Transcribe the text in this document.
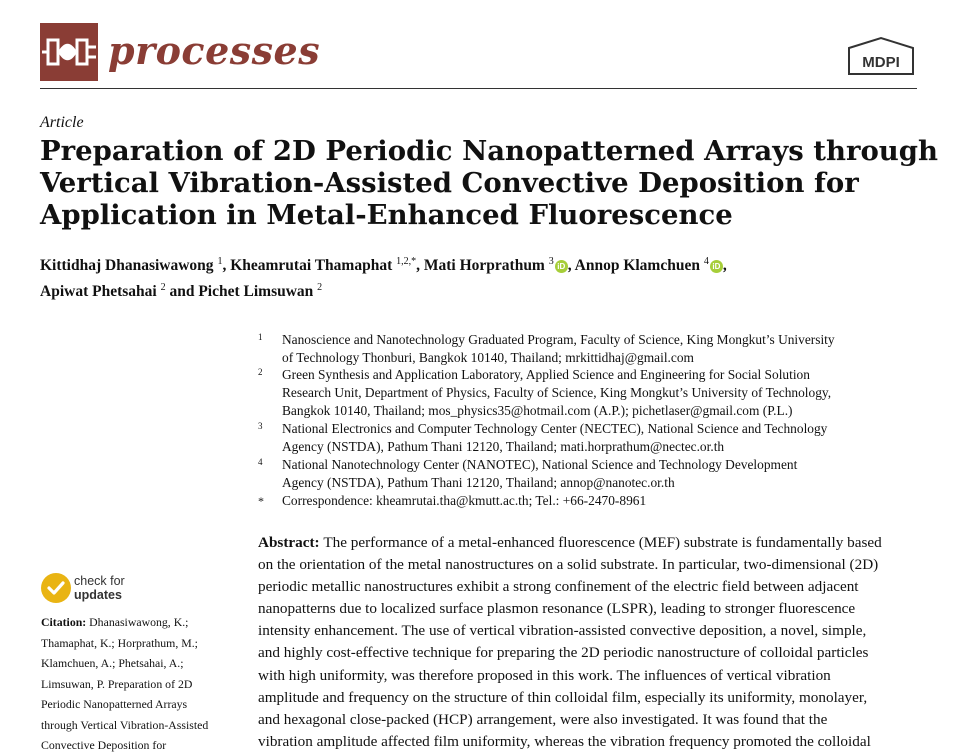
processes	MDPI
Article
Preparation of 2D Periodic Nanopatterned Arrays through
Vertical Vibration-Assisted Convective Deposition for
Application in Metal-Enhanced Fluorescence
Kittidhaj Dhanasiwawong $^1$, Kheamrutai Thamaphat $^{1,2,*}$, Mati Horprathum $^3$ iD , Annop Klamchuen $^4$ iD ,
Apiwat Phetsahai $^2$ and Pichet Limsuwan $^2$
1 Nanoscience and Nanotechnology Graduated Program, Faculty of Science, King Mongkut’s University
of Technology Thonburi, Bangkok 10140, Thailand; mrkittidhaj@gmail.com
2 Green Synthesis and Application Laboratory, Applied Science and Engineering for Social Solution
Research Unit, Department of Physics, Faculty of Science, King Mongkut’s University of Technology,
Bangkok 10140, Thailand; mos_physics35@hotmail.com (A.P.); pichetlaser@gmail.com (P.L.)
3 National Electronics and Computer Technology Center (NECTEC), National Science and Technology
Agency (NSTDA), Pathum Thani 12120, Thailand; mati.horprathum@nectec.or.th
4 National Nanotechnology Center (NANOTEC), National Science and Technology Development
Agency (NSTDA), Pathum Thani 12120, Thailand; annop@nanotec.or.th
* Correspondence: kheamrutai.tha@kmutt.ac.th; Tel.: +66-2470-8961
check for
updates
Citation: Dhanasiwawong, K.;
Thamaphat, K.; Horprathum, M.;
Klamchuen, A.; Phetsahai, A.;
Limsuwan, P. Preparation of 2D
Periodic Nanopatterned Arrays
through Vertical Vibration-Assisted
Convective Deposition for
Abstract: The performance of a metal-enhanced fluorescence (MEF) substrate is fundamentally based
on the orientation of the metal nanostructures on a solid substrate. In particular, two-dimensional (2D)
periodic metallic nanostructures exhibit a strong confinement of the electric field between adjacent
nanopatterns due to localized surface plasmon resonance (LSPR), leading to stronger fluorescence
intensity enhancement. The use of vertical vibration-assisted convective deposition, a novel, simple,
and highly cost-effective technique for preparing the 2D periodic nanostructure of colloidal particles
with high uniformity, was therefore proposed in this work. The influences of vertical vibration
amplitude and frequency on the structure of thin colloidal film, especially its uniformity, monolayer,
and hexagonal close-packed (HCP) arrangement, were also investigated. It was found that the
vibration amplitude affected film uniformity, whereas the vibration frequency promoted the colloidal
